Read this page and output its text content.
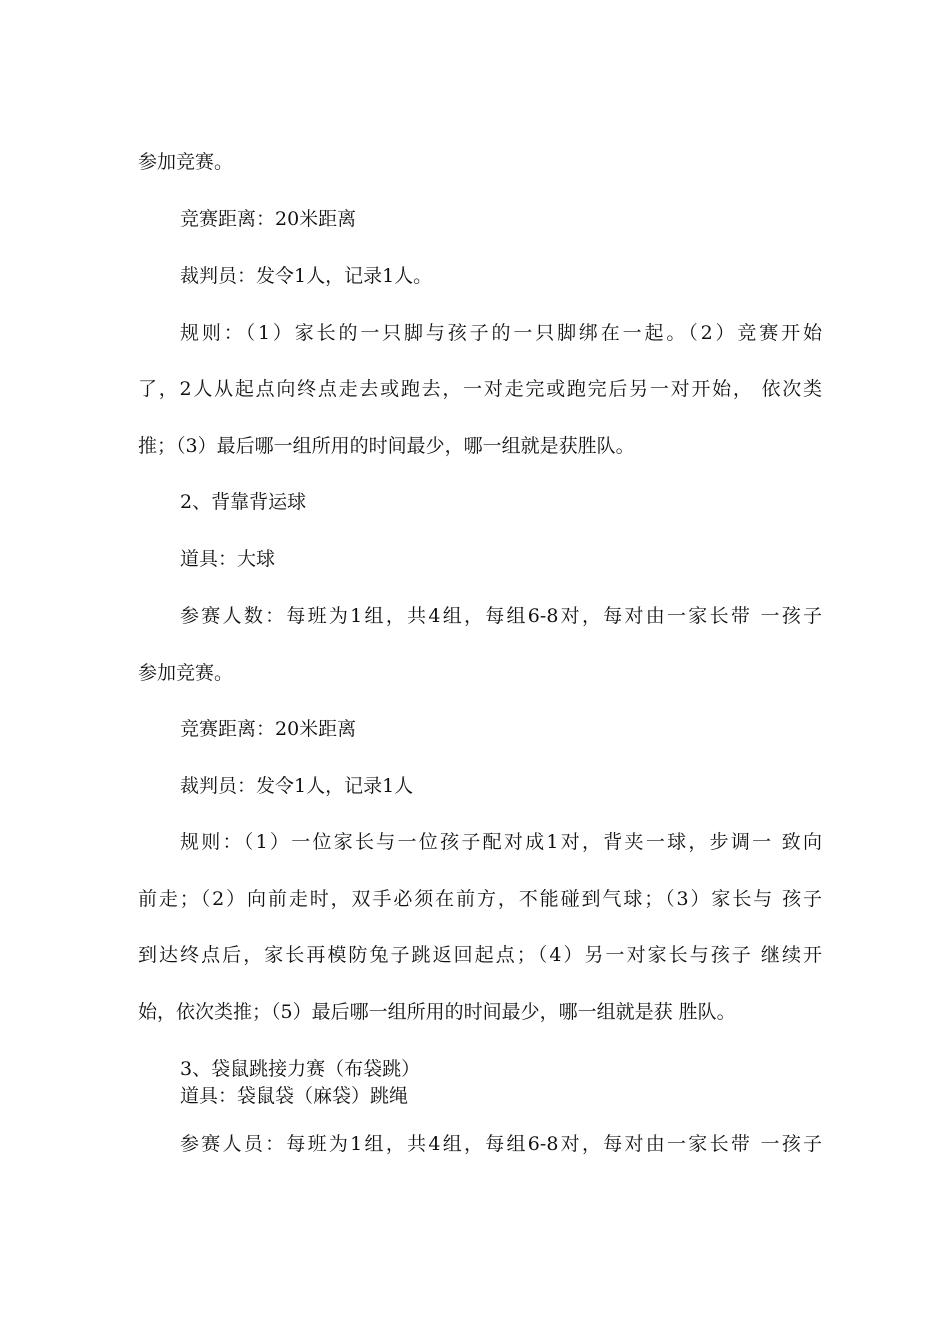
参加竞赛。
竞赛距离：20米距离
裁判员：发令1人，记录1人。
规则：（1）家长的一只脚与孩子的一只脚绑在一起。（2）竞赛开始
了，2人从起点向终点走去或跑去，一对走完或跑完后另一对开始， 依次类
推；（3）最后哪一组所用的时间最少，哪一组就是获胜队。
2、背靠背运球
道具：大球
参赛人数：每班为1组，共4组，每组6-8对，每对由一家长带 一孩子
参加竞赛。
竞赛距离：20米距离
裁判员：发令1人，记录1人
规则：（1）一位家长与一位孩子配对成1对，背夹一球，步调一 致向
前走；（2）向前走时，双手必须在前方，不能碰到气球；（3）家长与 孩子
到达终点后，家长再模防兔子跳返回起点；（4）另一对家长与孩子 继续开
始，依次类推；（5）最后哪一组所用的时间最少，哪一组就是获 胜队。
3、袋鼠跳接力赛（布袋跳）
道具：袋鼠袋（麻袋）跳绳
参赛人员：每班为1组，共4组，每组6-8对，每对由一家长带 一孩子
